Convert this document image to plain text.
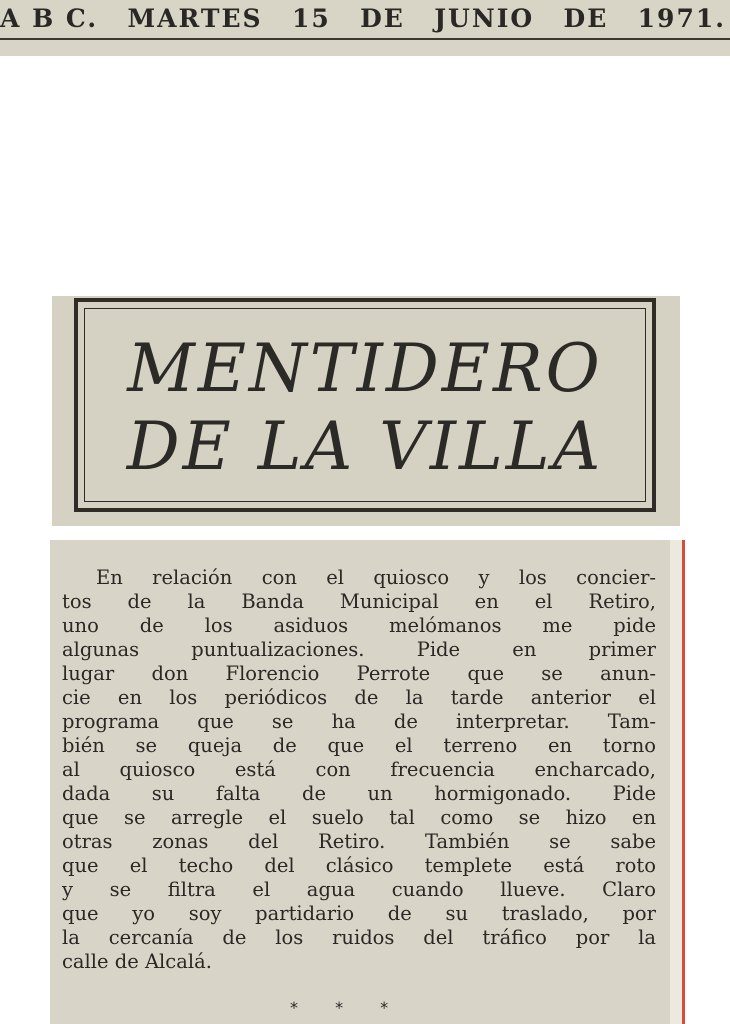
A B C. MARTES 15 DE JUNIO DE 1971.
MENTIDERO
DE LA VILLA
En relación con el quiosco y los concier-
tos de la Banda Municipal en el Retiro,
uno de los asiduos melómanos me pide
algunas puntualizaciones. Pide en primer
lugar don Florencio Perrote que se anun-
cie en los periódicos de la tarde anterior el
programa que se ha de interpretar. Tam-
bién se queja de que el terreno en torno
al quiosco está con frecuencia encharcado,
dada su falta de un hormigonado. Pide
que se arregle el suelo tal como se hizo en
otras zonas del Retiro. También se sabe
que el techo del clásico templete está roto
y se filtra el agua cuando llueve. Claro
que yo soy partidario de su traslado, por
la cercanía de los ruidos del tráfico por la
calle de Alcalá.
* * *
